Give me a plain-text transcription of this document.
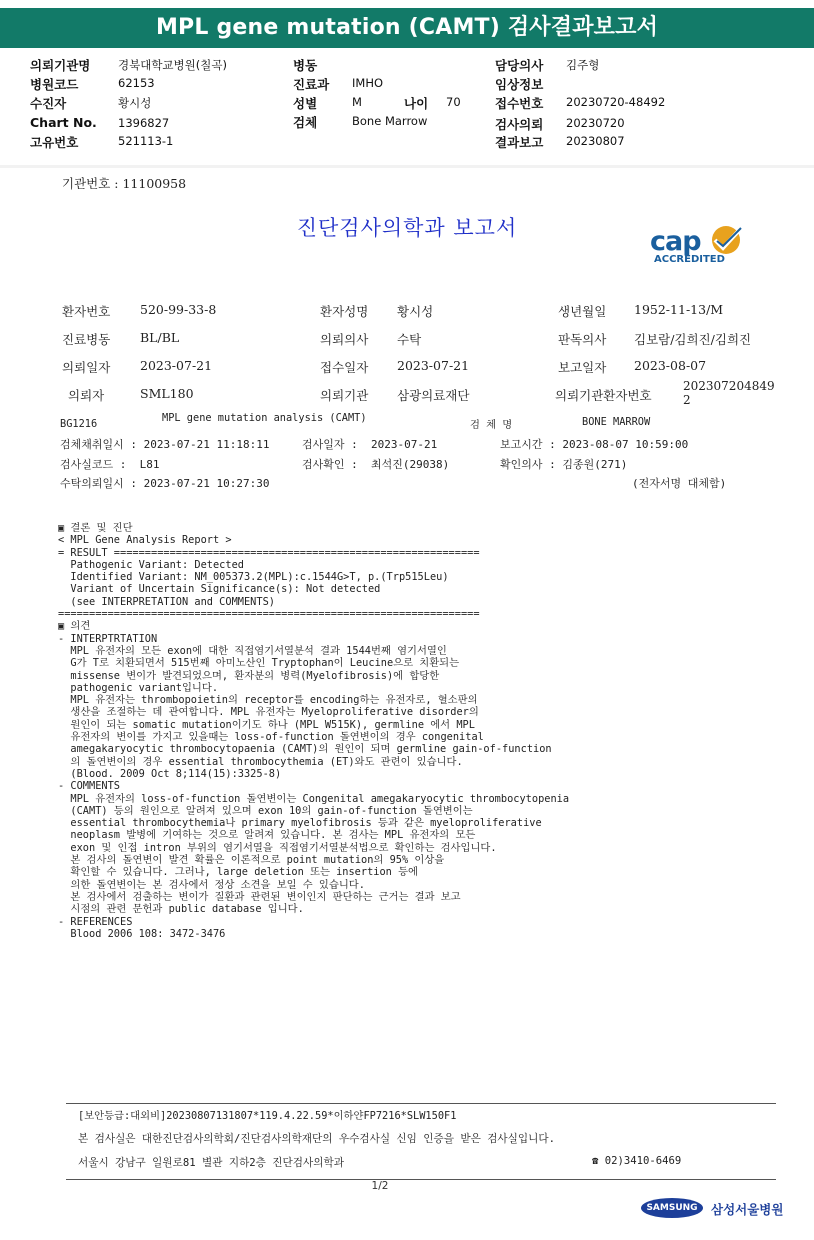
MPL gene mutation (CAMT) 검사결과보고서
의뢰기관명 경북대학교병원(칠곡)
병원코드	62153
수진자	황시성
Chart No. 1396827
고유번호	521113-1
병동
진료과 IMHO
성별	M	나이 70
검체	Bone Marrow
담당의사 김주형
임상정보
접수번호 20230720-48492
검사의뢰 20230720
결과보고 20230807
기관번호 : 11100958
진단검사의학과 보고서	cap
ACCREDITED
환자번호 520-99-33-8	환자성명 황시성	생년월일 1952-11-13/M
진료병동 BL/BL	의뢰의사 수탁	판독의사 김보람/김희진/김희진
의뢰일자 2023-07-21	접수일자 2023-07-21	보고일자 2023-08-07
의뢰자	SML180	의뢰기관 삼광의료재단	의뢰기관환자번호
2023072048492
BG1216	MPL gene mutation analysis (CAMT)
검 체 명	BONE MARROW
검체채취일시 : 2023-07-21 11:18:11	검사일자 :  2023-07-21	보고시간 : 2023-08-07 10:59:00
검사실코드 :  L81	검사확인 :  최석진(29038)	확인의사 : 김종원(271)
수탁의뢰일시 : 2023-07-21 10:27:30	(전자서명 대체함)

▣ 결론 및 진단

< MPL Gene Analysis Report >

= RESULT ===========================================================

Pathogenic Variant: Detected

Identified Variant: NM_005373.2(MPL):c.1544G>T, p.(Trp515Leu)

Variant of Uncertain Significance(s): Not detected

(see INTERPRETATION and COMMENTS)

====================================================================

▣ 의견

- INTERPTRTATION

MPL 유전자의 모든 exon에 대한 직접염기서열분석 결과 1544번째 염기서열인

G가 T로 치환되면서 515번째 아미노산인 Tryptophan이 Leucine으로 치환되는

missense 변이가 발견되었으며, 환자분의 병력(Myelofibrosis)에 합당한

pathogenic variant입니다.

MPL 유전자는 thrombopoietin의 receptor를 encoding하는 유전자로, 혈소판의

생산을 조절하는 데 관여합니다. MPL 유전자는 Myeloproliferative disorder의

원인이 되는 somatic mutation이기도 하나 (MPL W515K), germline 에서 MPL

유전자의 변이를 가지고 있을때는 loss-of-function 돌연변이의 경우 congenital

amegakaryocytic thrombocytopaenia (CAMT)의 원인이 되며 germline gain-of-function

의 돌연변이의 경우 essential thrombocythemia (ET)와도 관련이 있습니다.

(Blood. 2009 Oct 8;114(15):3325-8)

- COMMENTS

MPL 유전자의 loss-of-function 돌연변이는 Congenital amegakaryocytic thrombocytopenia

(CAMT) 등의 원인으로 알려져 있으며 exon 10의 gain-of-function 돌연변이는

essential thrombocythemia나 primary myelofibrosis 등과 같은 myeloproliferative

neoplasm 발병에 기여하는 것으로 알려져 있습니다. 본 검사는 MPL 유전자의 모든

exon 및 인접 intron 부위의 염기서열을 직접염기서열분석법으로 확인하는 검사입니다.

본 검사의 돌연변이 발견 확률은 이론적으로 point mutation의 95% 이상을

확인할 수 있습니다. 그러나, large deletion 또는 insertion 등에

의한 돌연변이는 본 검사에서 정상 소견을 보일 수 있습니다.

본 검사에서 검출하는 변이가 질환과 관련된 변이인지 판단하는 근거는 결과 보고

시점의 관련 문헌과 public database 입니다.

- REFERENCES

Blood 2006 108: 3472-3476

[보안등급:대외비]20230807131807*119.4.22.59*이하얀FP7216*SLW150F1
본 검사실은 대한진단검사의학회/진단검사의학재단의 우수검사실 신임 인증을 받은 검사실입니다.
서울시 강남구 일원로81 별관 지하2층 진단검사의학과	☎ 02)3410-6469
1/2
SAMSUNG	삼성서울병원
